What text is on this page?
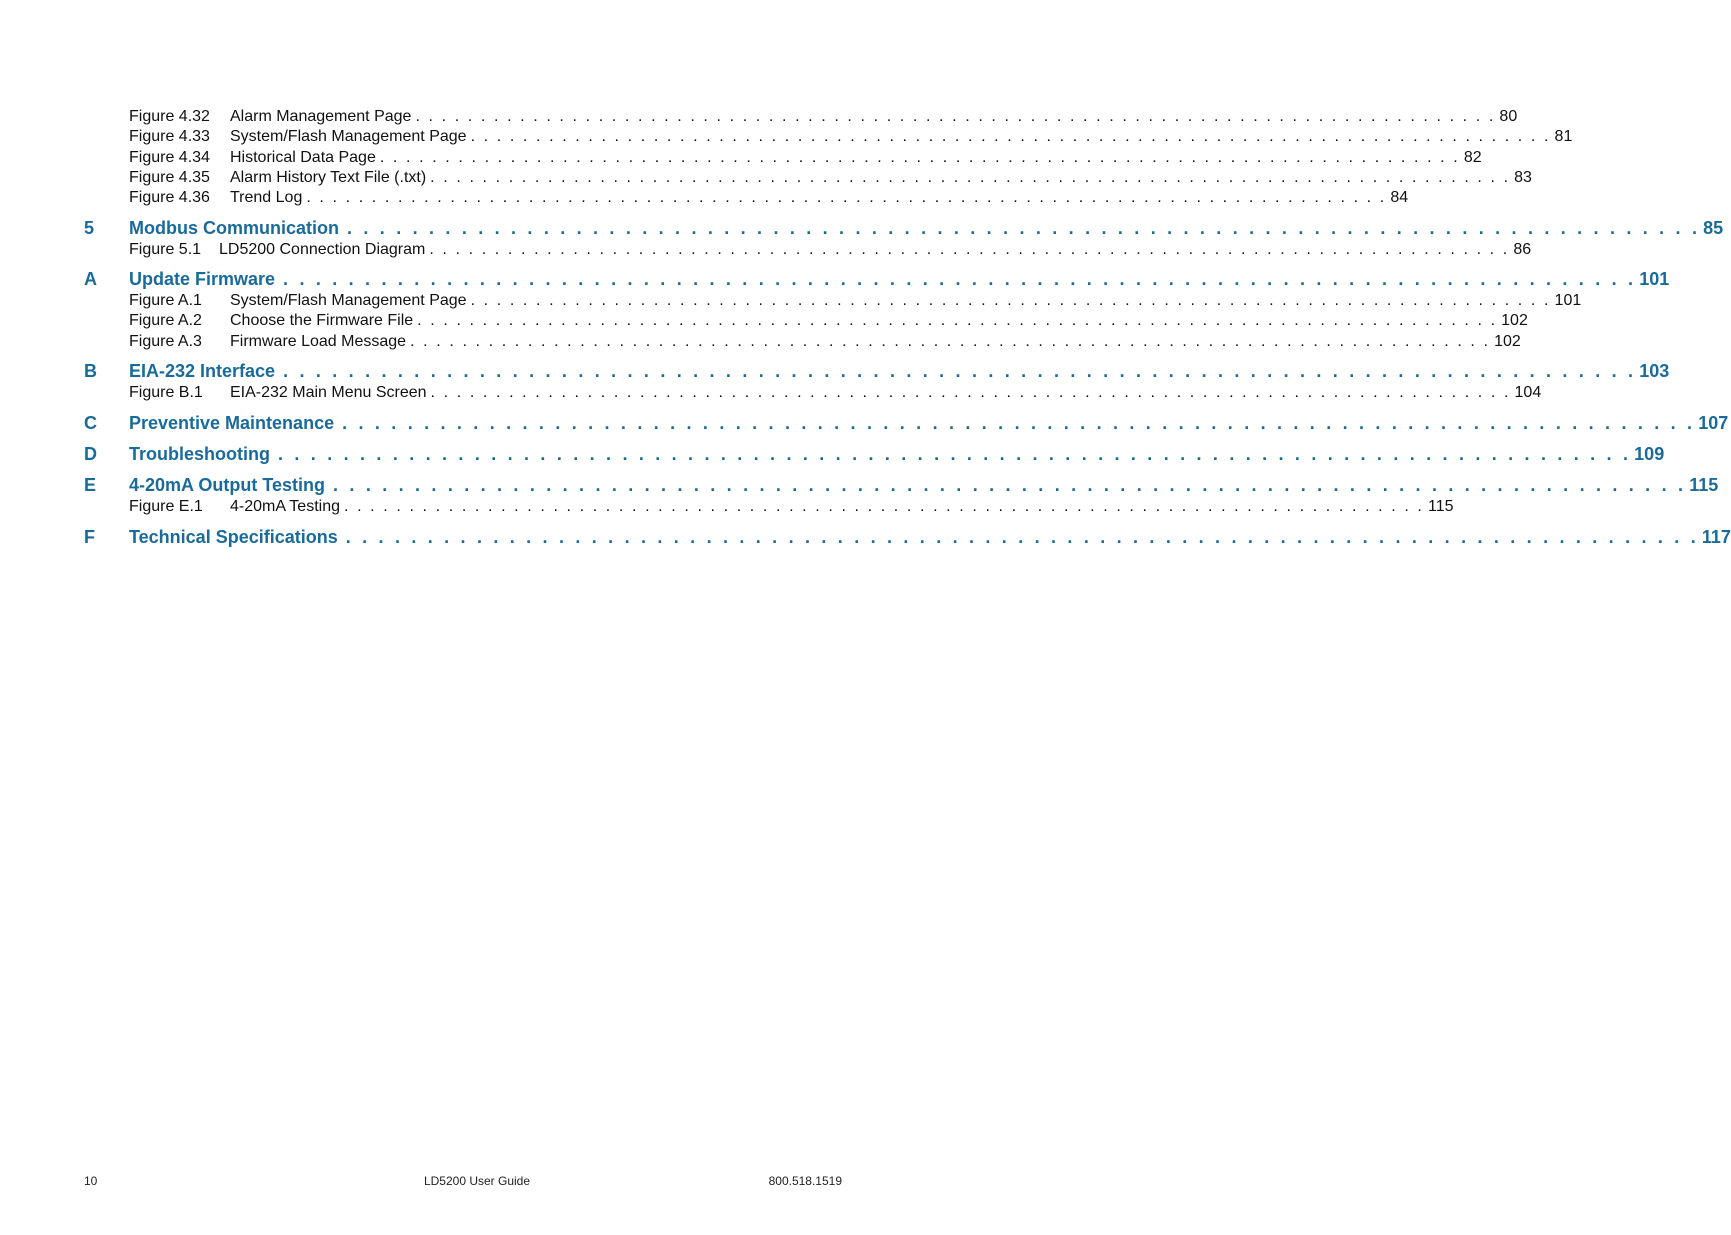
Figure 4.32	Alarm Management Page . . . . . . . . . . . . . . . . . . . . . . . . . . . . . . . . . . . . . . . . . . . . . . . . . . . . . . . . . . . . . . . . . . . . . . . . . . . . . . . . . . . 80
Figure 4.33	System/Flash Management Page . . . . . . . . . . . . . . . . . . . . . . . . . . . . . . . . . . . . . . . . . . . . . . . . . . . . . . . . . . . . . . . . . . . . . . . . . . . . . . . . . . . 81
Figure 4.34	Historical Data Page . . . . . . . . . . . . . . . . . . . . . . . . . . . . . . . . . . . . . . . . . . . . . . . . . . . . . . . . . . . . . . . . . . . . . . . . . . . . . . . . . . . 82
Figure 4.35	Alarm History Text File (.txt) . . . . . . . . . . . . . . . . . . . . . . . . . . . . . . . . . . . . . . . . . . . . . . . . . . . . . . . . . . . . . . . . . . . . . . . . . . . . . . . . . . . 83
Figure 4.36	Trend Log . . . . . . . . . . . . . . . . . . . . . . . . . . . . . . . . . . . . . . . . . . . . . . . . . . . . . . . . . . . . . . . . . . . . . . . . . . . . . . . . . . . 84
5	Modbus Communication . . . . . . . . . . . . . . . . . . . . . . . . . . . . . . . . . . . . . . . . . . . . . . . . . . . . . . . . . . . . . . . . . . . . . . . . . . . . . . . . . . . 85
Figure 5.1	LD5200 Connection Diagram . . . . . . . . . . . . . . . . . . . . . . . . . . . . . . . . . . . . . . . . . . . . . . . . . . . . . . . . . . . . . . . . . . . . . . . . . . . . . . . . . . . 86
A	Update Firmware . . . . . . . . . . . . . . . . . . . . . . . . . . . . . . . . . . . . . . . . . . . . . . . . . . . . . . . . . . . . . . . . . . . . . . . . . . . . . . . . . . . 101
Figure A.1	System/Flash Management Page . . . . . . . . . . . . . . . . . . . . . . . . . . . . . . . . . . . . . . . . . . . . . . . . . . . . . . . . . . . . . . . . . . . . . . . . . . . . . . . . . . . 101
Figure A.2	Choose the Firmware File . . . . . . . . . . . . . . . . . . . . . . . . . . . . . . . . . . . . . . . . . . . . . . . . . . . . . . . . . . . . . . . . . . . . . . . . . . . . . . . . . . . 102
Figure A.3	Firmware Load Message . . . . . . . . . . . . . . . . . . . . . . . . . . . . . . . . . . . . . . . . . . . . . . . . . . . . . . . . . . . . . . . . . . . . . . . . . . . . . . . . . . . 102
B	EIA-232 Interface . . . . . . . . . . . . . . . . . . . . . . . . . . . . . . . . . . . . . . . . . . . . . . . . . . . . . . . . . . . . . . . . . . . . . . . . . . . . . . . . . . . 103
Figure B.1	EIA-232 Main Menu Screen . . . . . . . . . . . . . . . . . . . . . . . . . . . . . . . . . . . . . . . . . . . . . . . . . . . . . . . . . . . . . . . . . . . . . . . . . . . . . . . . . . . 104
C	Preventive Maintenance . . . . . . . . . . . . . . . . . . . . . . . . . . . . . . . . . . . . . . . . . . . . . . . . . . . . . . . . . . . . . . . . . . . . . . . . . . . . . . . . . . . 107
D	Troubleshooting . . . . . . . . . . . . . . . . . . . . . . . . . . . . . . . . . . . . . . . . . . . . . . . . . . . . . . . . . . . . . . . . . . . . . . . . . . . . . . . . . . . 109
E	4-20mA Output Testing . . . . . . . . . . . . . . . . . . . . . . . . . . . . . . . . . . . . . . . . . . . . . . . . . . . . . . . . . . . . . . . . . . . . . . . . . . . . . . . . . . . 115
Figure E.1	4-20mA Testing . . . . . . . . . . . . . . . . . . . . . . . . . . . . . . . . . . . . . . . . . . . . . . . . . . . . . . . . . . . . . . . . . . . . . . . . . . . . . . . . . . . 115
F	Technical Specifications . . . . . . . . . . . . . . . . . . . . . . . . . . . . . . . . . . . . . . . . . . . . . . . . . . . . . . . . . . . . . . . . . . . . . . . . . . . . . . . . . . . 117
10	LD5200 User Guide	800.518.1519
